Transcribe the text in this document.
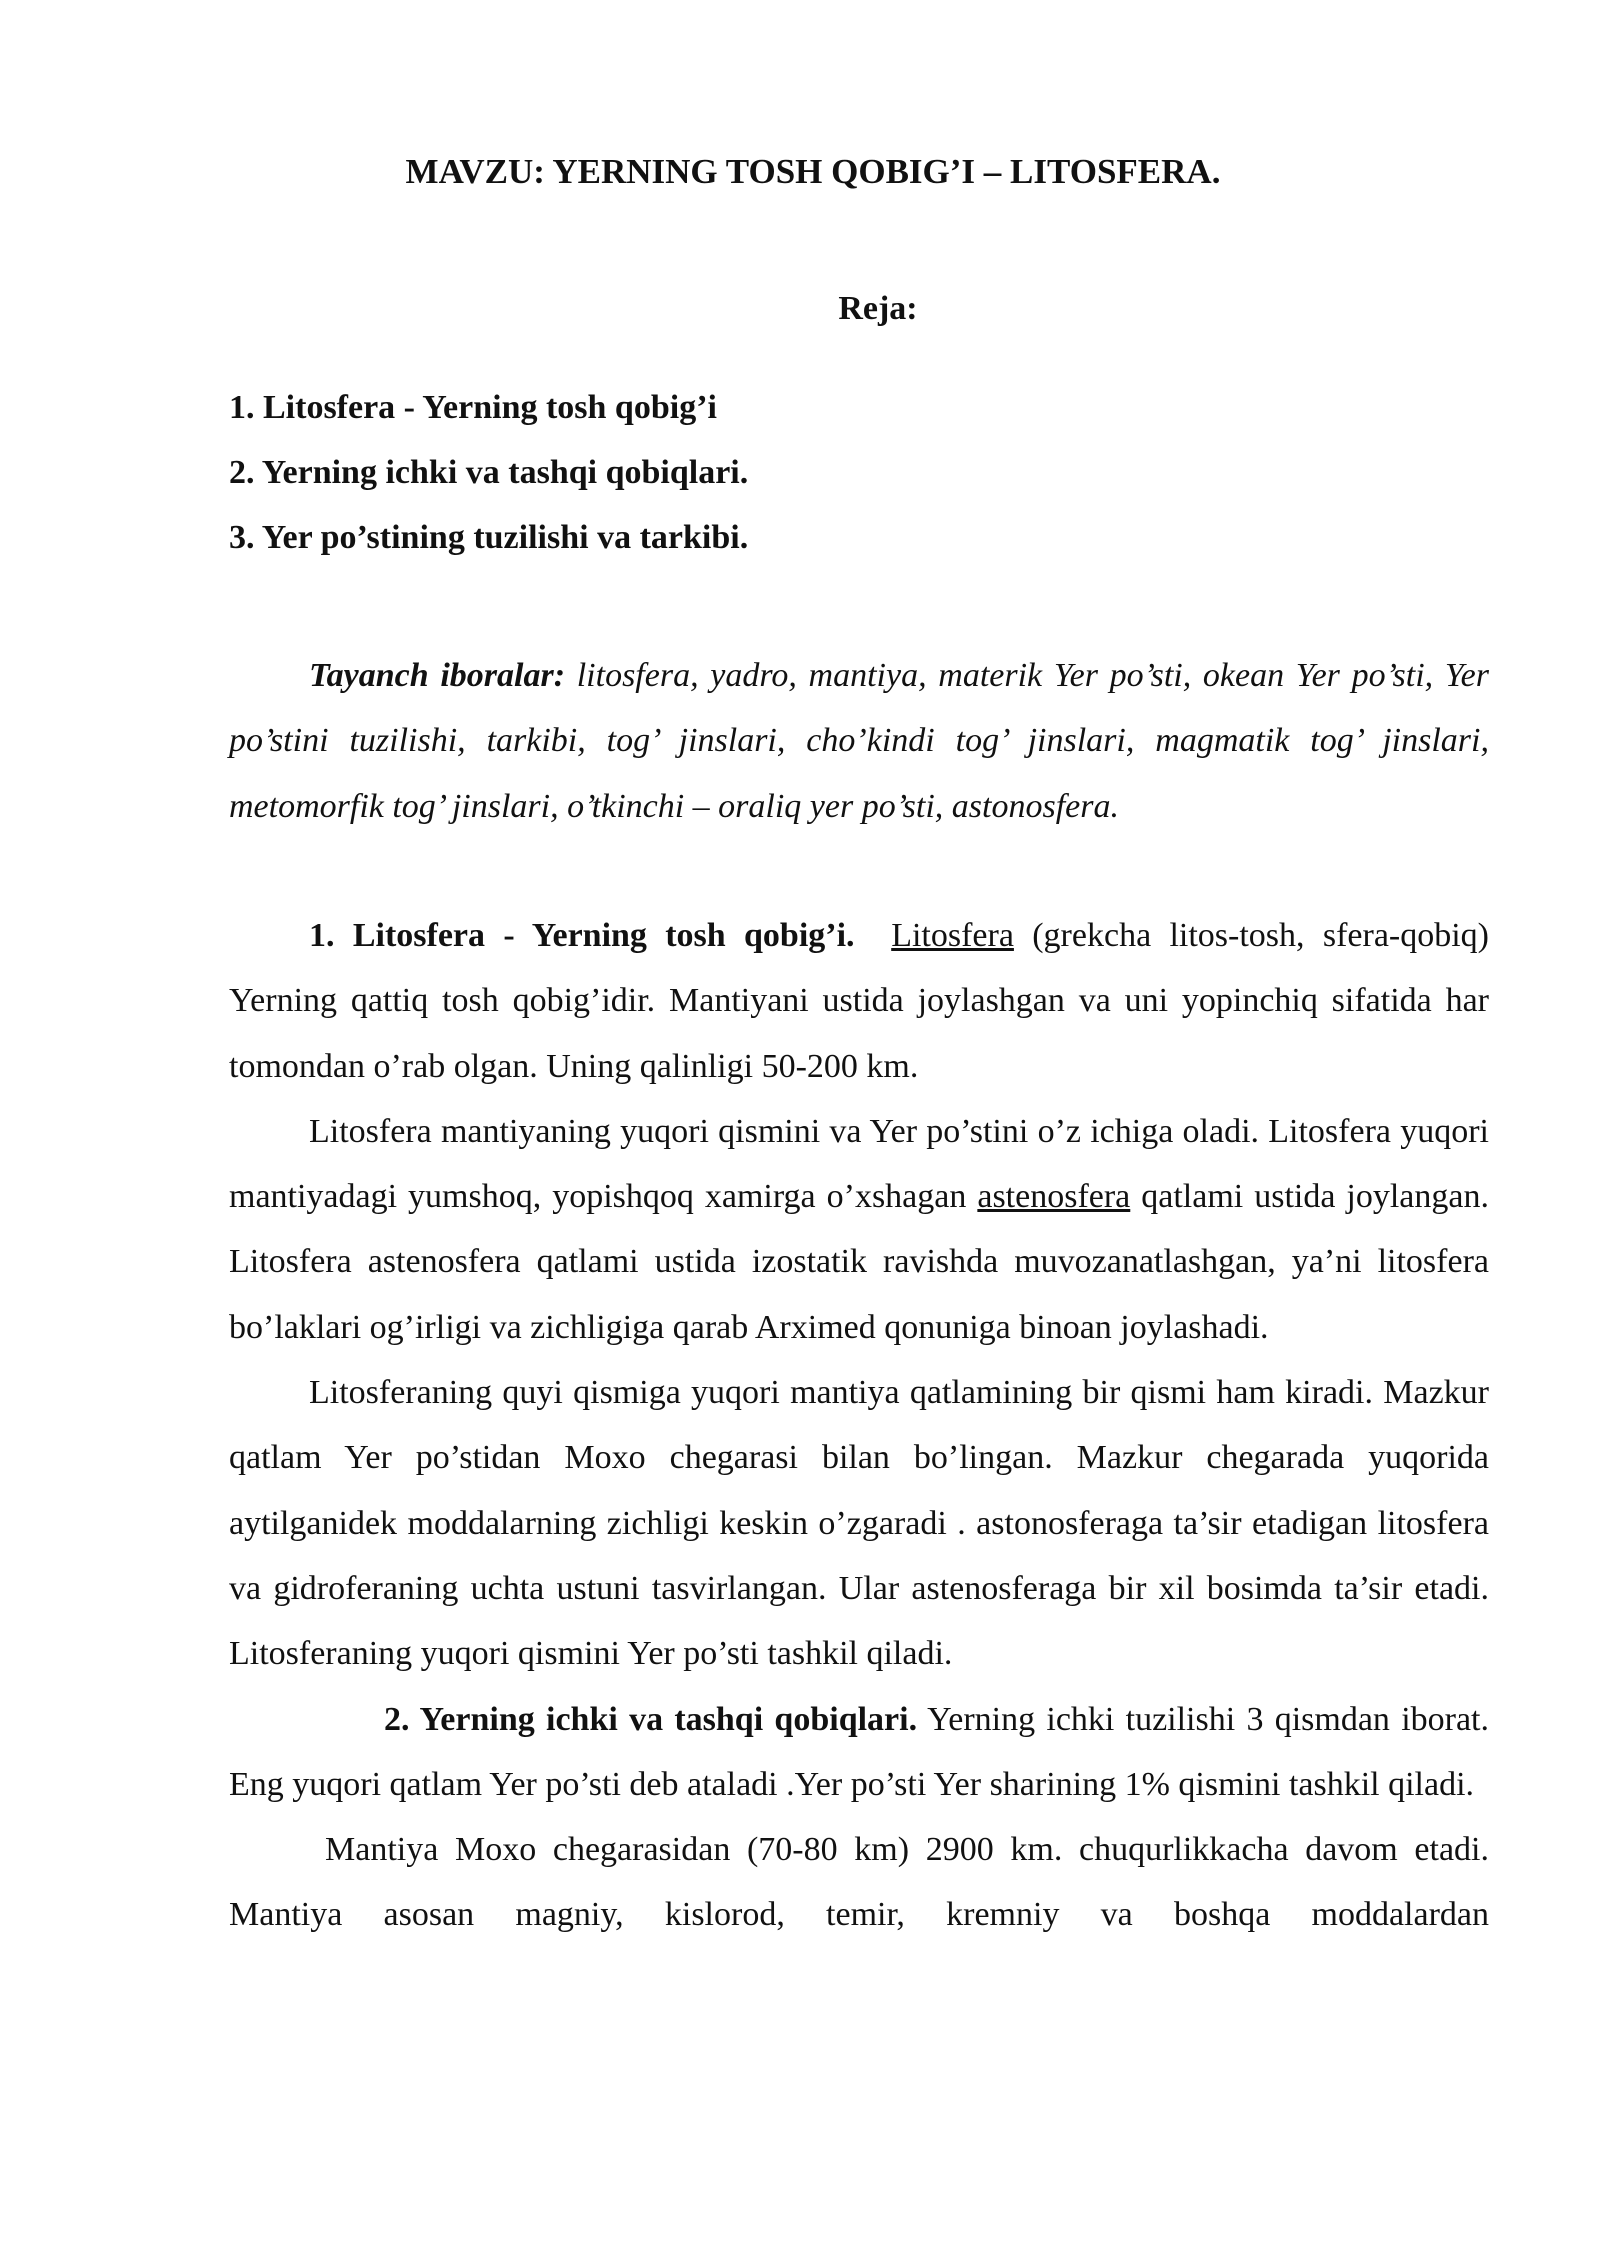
MAVZU: YERNING TOSH QOBIG’I – LITOSFERA.
Reja:
1. Litosfera - Yerning tosh qobig’i
2. Yerning ichki va tashqi qobiqlari.
3. Yer po’stining tuzilishi va tarkibi.

Tayanch iboralar: litosfera, yadro, mantiya, materik Yer po’sti, okean Yer po’sti, Yer po’stini tuzilishi, tarkibi, tog’ jinslari, cho’kindi tog’ jinslari, magmatik tog’ jinslari, metomorfik tog’ jinslari, o’tkinchi – oraliq yer po’sti, astonosfera.

1. Litosfera - Yerning tosh qobig’i. Litosfera (grekcha litos-tosh, sfera-qobiq) Yerning qattiq tosh qobig’idir. Mantiyani ustida joylashgan va uni yopinchiq sifatida har tomondan o’rab olgan. Uning qalinligi 50-200 km.

Litosfera mantiyaning yuqori qismini va Yer po’stini o’z ichiga oladi. Litosfera yuqori mantiyadagi yumshoq, yopishqoq xamirga o’xshagan astenosfera qatlami ustida joylangan. Litosfera astenosfera qatlami ustida izostatik ravishda muvozanatlashgan, ya’ni litosfera bo’laklari og’irligi va zichligiga qarab Arximed qonuniga binoan joylashadi.

Litosferaning quyi qismiga yuqori mantiya qatlamining bir qismi ham kiradi. Mazkur qatlam Yer po’stidan Moxo chegarasi bilan bo’lingan. Mazkur chegarada yuqorida aytilganidek moddalarning zichligi keskin o’zgaradi . astonosferaga ta’sir etadigan litosfera va gidroferaning uchta ustuni tasvirlangan. Ular astenosferaga bir xil bosimda ta’sir etadi. Litosferaning yuqori qismini Yer po’sti tashkil qiladi.

2. Yerning ichki va tashqi qobiqlari. Yerning ichki tuzilishi 3 qismdan iborat. Eng yuqori qatlam Yer po’sti deb ataladi .Yer po’sti Yer sharining 1% qismini tashkil qiladi.

Mantiya Moxo chegarasidan (70-80 km) 2900 km. chuqurlikkacha davom etadi. Mantiya asosan magniy, kislorod, temir, kremniy va boshqa moddalardan
